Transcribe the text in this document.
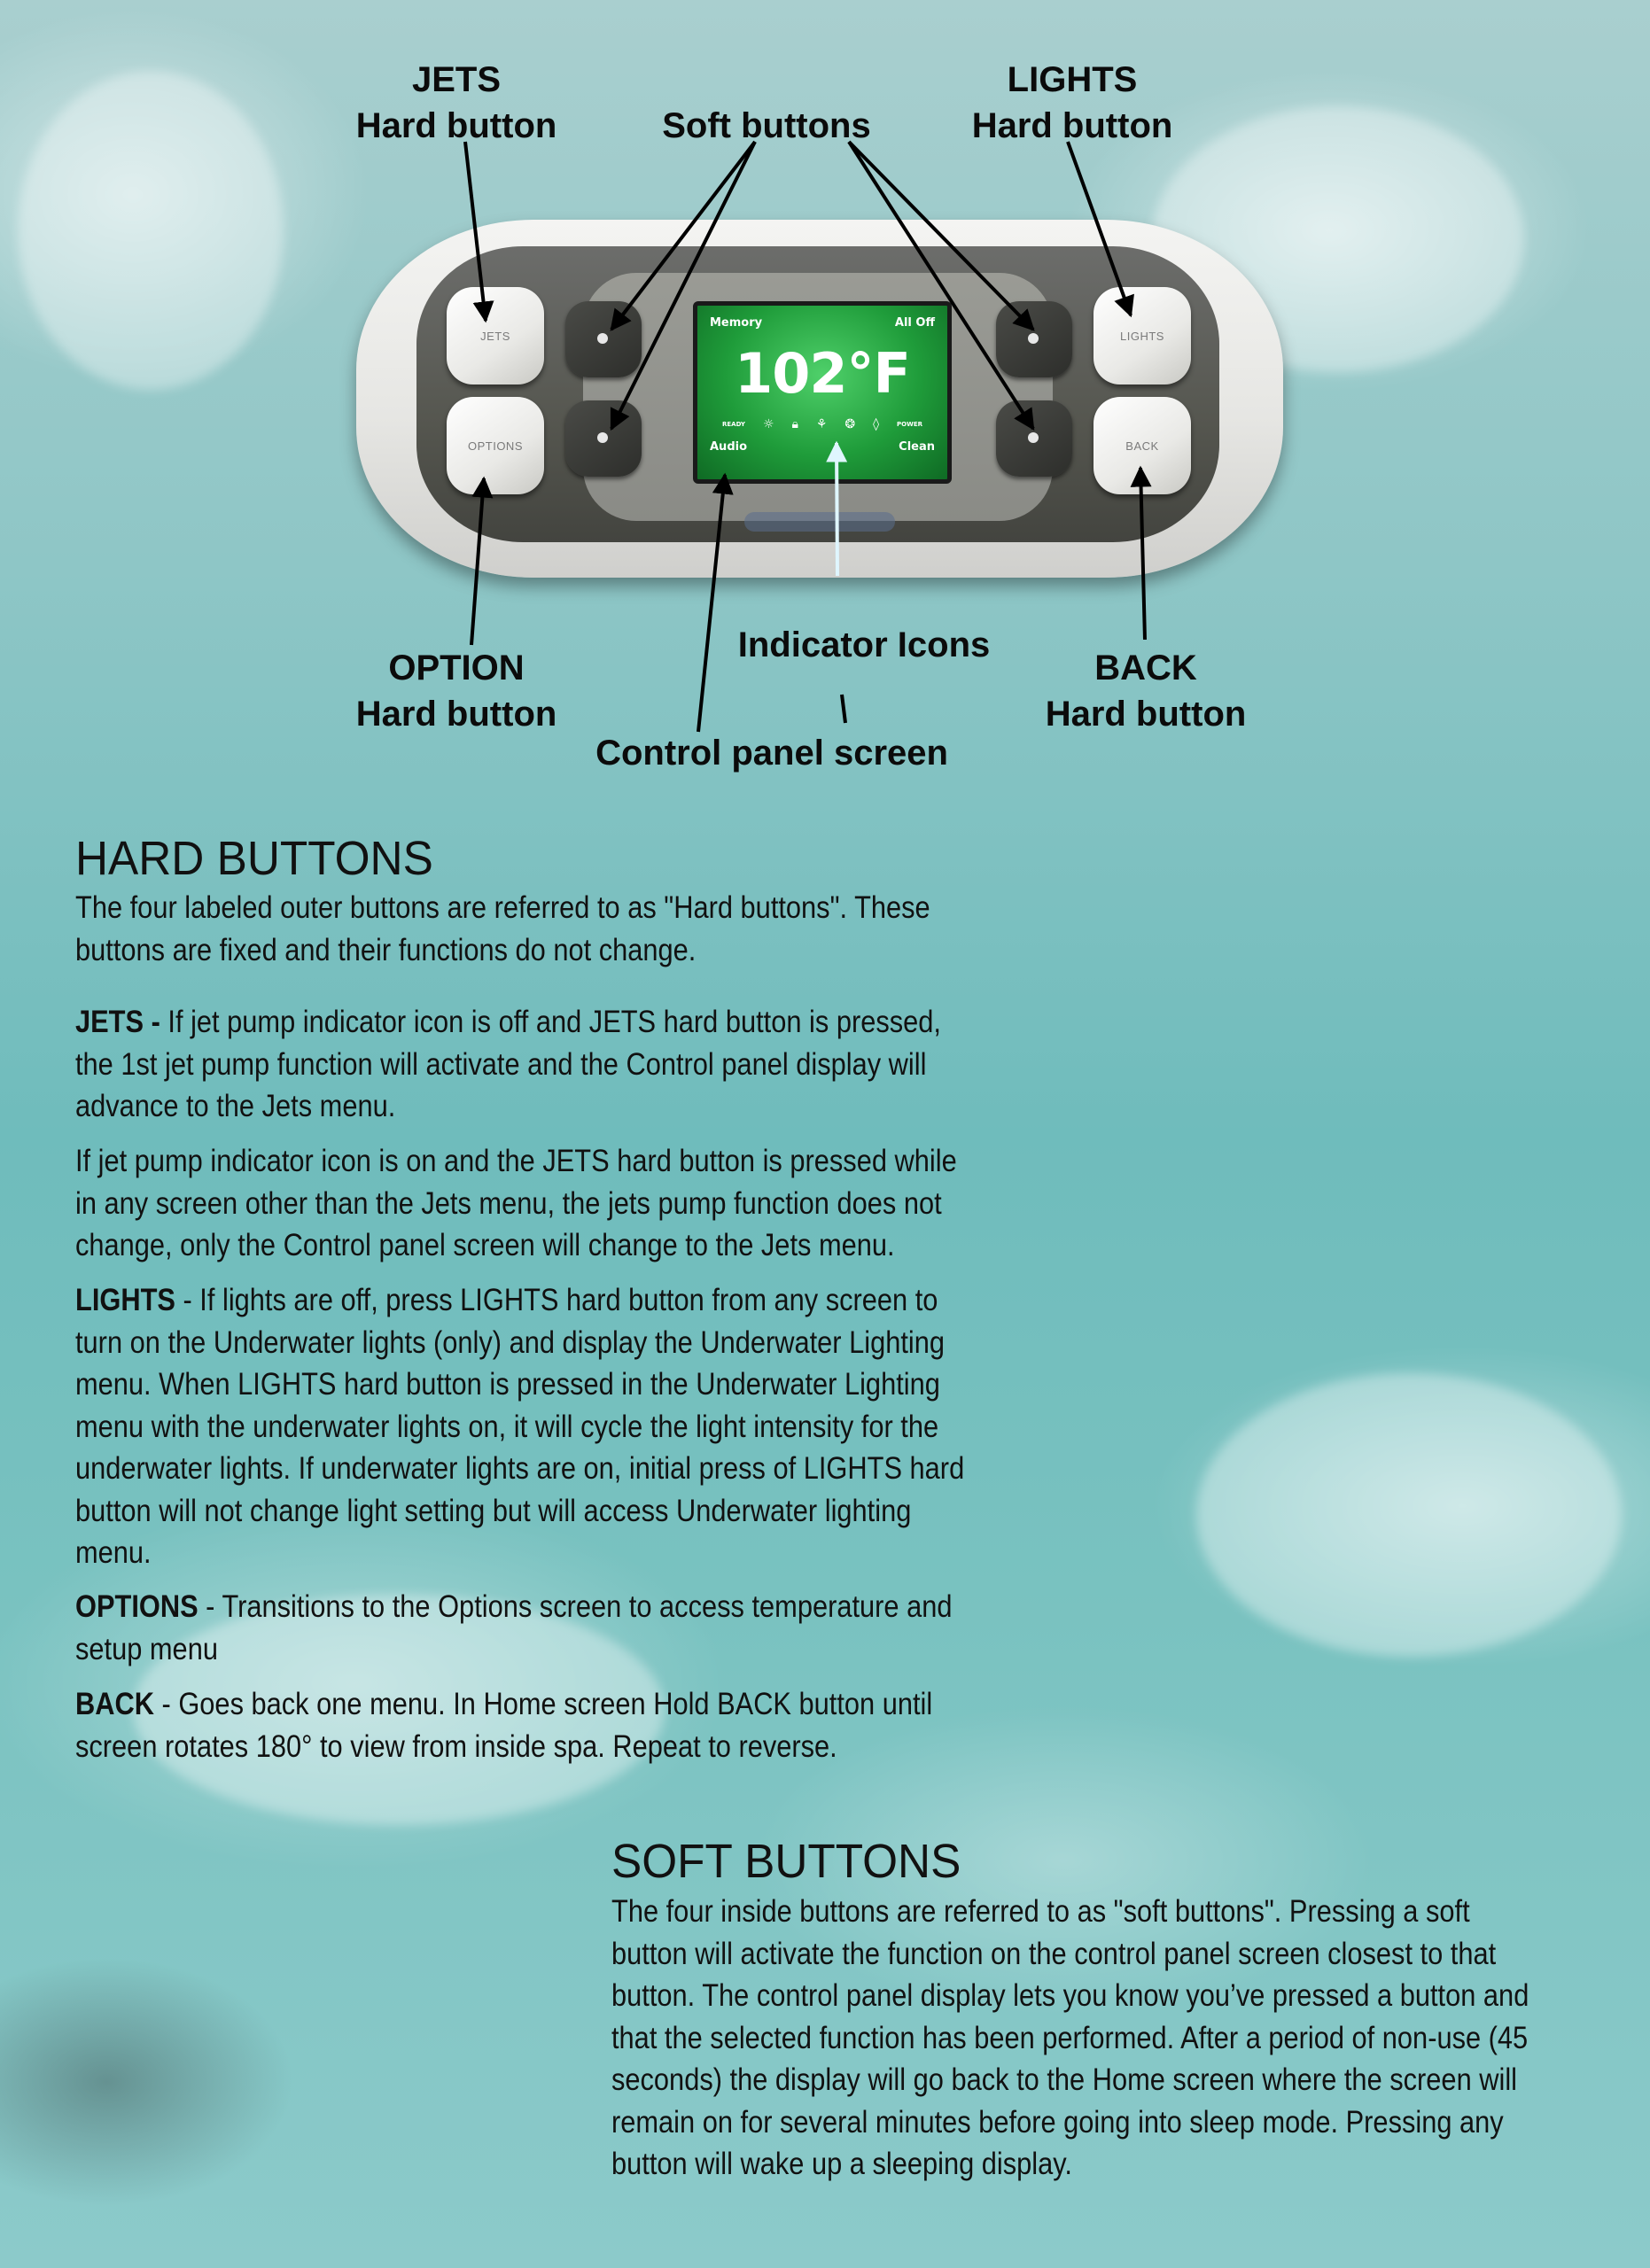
JETS
OPTIONS
LIGHTS
BACK
Memory	All Off
102°F
READY ☼ 🔒︎ ⚘ ❂ ◊	POWER
Audio	Clean
JETS
Hard button	Soft buttons
LIGHTS
Hard button
OPTION
Hard button
Indicator Icons
BACK
Hard button
Control panel screen
HARD BUTTONS

The four labeled outer buttons are referred to as "Hard buttons". These buttons are fixed and their functions do not change.

JETS - If jet pump indicator icon is off and JETS hard button is pressed, the 1st jet pump function will activate and the Control panel display will advance to the Jets menu.

If jet pump indicator icon is on and the JETS hard button is pressed while in any screen other than the Jets menu, the jets pump function does not change, only the Control panel screen will change to the Jets menu.

LIGHTS - If lights are off, press LIGHTS hard button from any screen to turn on the Underwater lights (only) and display the Underwater Lighting menu. When LIGHTS hard button is pressed in the Underwater Lighting menu with the underwater lights on, it will cycle the light intensity for the underwater lights. If underwater lights are on, initial press of LIGHTS hard button will not change light setting but will access Underwater lighting menu.

OPTIONS - Transitions to the Options screen to access temperature and setup menu

BACK - Goes back one menu. In Home screen Hold BACK button until screen rotates 180° to view from inside spa. Repeat to reverse.

SOFT BUTTONS

The four inside buttons are referred to as "soft buttons". Pressing a soft button will activate the function on the control panel screen closest to that button. The control panel display lets you know you’ve pressed a button and that the selected function has been performed. After a period of non-use (45 seconds) the display will go back to the Home screen where the screen will remain on for several minutes before going into sleep mode. Pressing any button will wake up a sleeping display.
